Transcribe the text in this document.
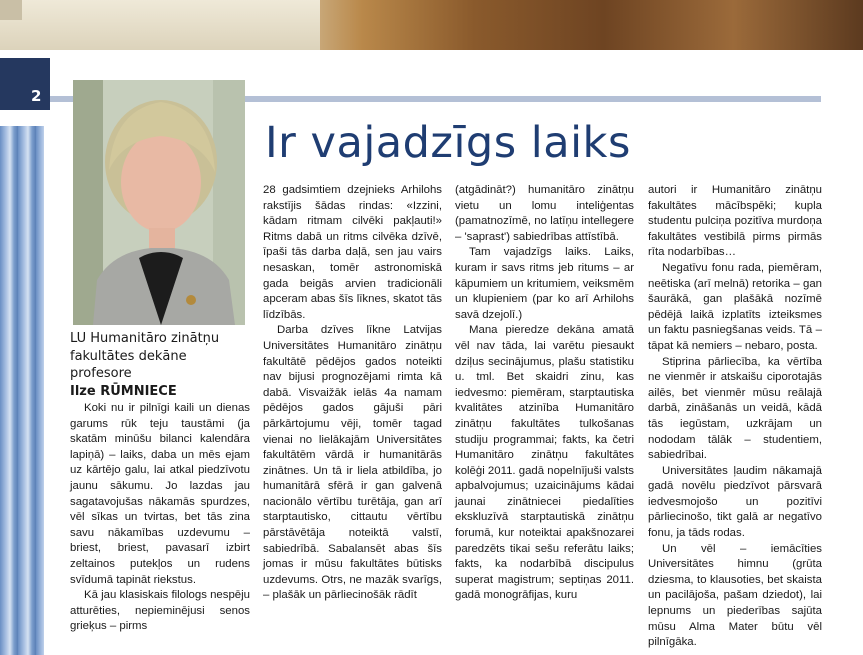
2
Ir vajadzīgs laiks
LU Humanitāro zinātņu
fakultātes dekāne profesore
Ilze RŪMNIECE

Koki nu ir pilnīgi kaili un dienas garums rūk teju taustāmi (ja skatām minūšu bilanci kalendāra lapiņā) – laiks, daba un mēs ejam uz kārtējo galu, lai atkal piedzīvotu jaunu sākumu. Jo lazdas jau sagatavojušas nākamās spurdzes, vēl sīkas un tvirtas, bet tās zina savu nākamības uzdevumu – briest, briest, pavasarī izbirt zeltainos putekļos un rudens svīdumā tapināt riekstus.

Kā jau klasiskais filologs nespēju atturēties, nepieminējusi senos grieķus – pirms

28 gadsimtiem dzejnieks Arhilohs rakstījis šādas rindas: «Izzini, kādam ritmam cilvēki pakļauti!» Ritms dabā un ritms cilvēka dzīvē, īpaši tās darba daļā, sen jau vairs nesaskan, tomēr astronomiskā gada beigās arvien tradicionāli apceram abas šīs līknes, skatot tās līdzībās.

Darba dzīves līkne Latvijas Universitātes Humanitāro zinātņu fakultātē pēdējos gados noteikti nav bijusi prognozējami rimta kā dabā. Visvaižāk ielās 4a namam pēdējos gados gājuši pāri pārkārtojumu vēji, tomēr tagad vienai no lielākajām Universitātes fakultātēm vārdā ir humanitārās zinātnes. Un tā ir liela atbildība, jo humanitārā sfērā ir gan galvenā nacionālo vērtību turētāja, gan arī starptautisko, cittautu vērtību pārstāvētāja noteiktā valstī, sabiedrībā. Sabalansēt abas šīs jomas ir mūsu fakultātes būtisks uzdevums. Otrs, ne mazāk svarīgs, – plašāk un pārliecinošāk rādīt

(atgādināt?) humanitāro zinātņu vietu un lomu inteliģentas (pamatnozīmē, no latīņu intellegere – 'saprast') sabiedrības attīstībā.

Tam vajadzīgs laiks. Laiks, kuram ir savs ritms jeb ritums – ar kāpumiem un kritumiem, veiksmēm un klupieniem (par ko arī Arhilohs savā dzejolī.)

Mana pieredze dekāna amatā vēl nav tāda, lai varētu piesaukt dziļus secinājumus, plašu statistiku u. tml. Bet skaidri zinu, kas iedvesmo: piemēram, starptautiska kvalitātes atzinība Humanitāro zinātņu fakultātes tulkošanas studiju programmai; fakts, ka četri Humanitāro zinātņu fakultātes kolēģi 2011. gadā nopelnījuši valsts apbalvojumus; uzaicinājums kādai jaunai zinātniecei piedalīties ekskluzīvā starptautiskā zinātņu forumā, kur noteiktai apakšnozarei paredzēts tikai sešu referātu laiks; fakts, ka nodarbībā discipulus superat magistrum; septiņas 2011. gadā monogrāfijas, kuru

autori ir Humanitāro zinātņu fakultātes mācībspēki; kupla studentu pulciņa pozitīva murdoņa fakultātes vestibilā pirms pirmās rīta nodarbības…

Negatīvu fonu rada, piemēram, neētiska (arī melnā) retorika – gan šaurākā, gan plašākā nozīmē pēdējā laikā izplatīts izteiksmes un faktu pasniegšanas veids. Tā – tāpat kā nemiers – nebaro, posta.

Stiprina pārliecība, ka vērtība ne vienmēr ir atskaišu ciporotajās ailēs, bet vienmēr mūsu reālajā darbā, zināšanās un veidā, kādā tās iegūstam, uzkrājam un nododam tālāk – studentiem, sabiedrībai.

Universitātes ļaudim nākamajā gadā novēlu piedzīvot pārsvarā iedvesmojošo un pozitīvi pārliecinošo, tikt galā ar negatīvo fonu, ja tāds rodas.

Un vēl – iemācīties Universitātes himnu (grūta dziesma, to klausoties, bet skaista un pacilājoša, pašam dziedot), lai lepnums un piederības sajūta mūsu Alma Mater būtu vēl pilnīgāka.
